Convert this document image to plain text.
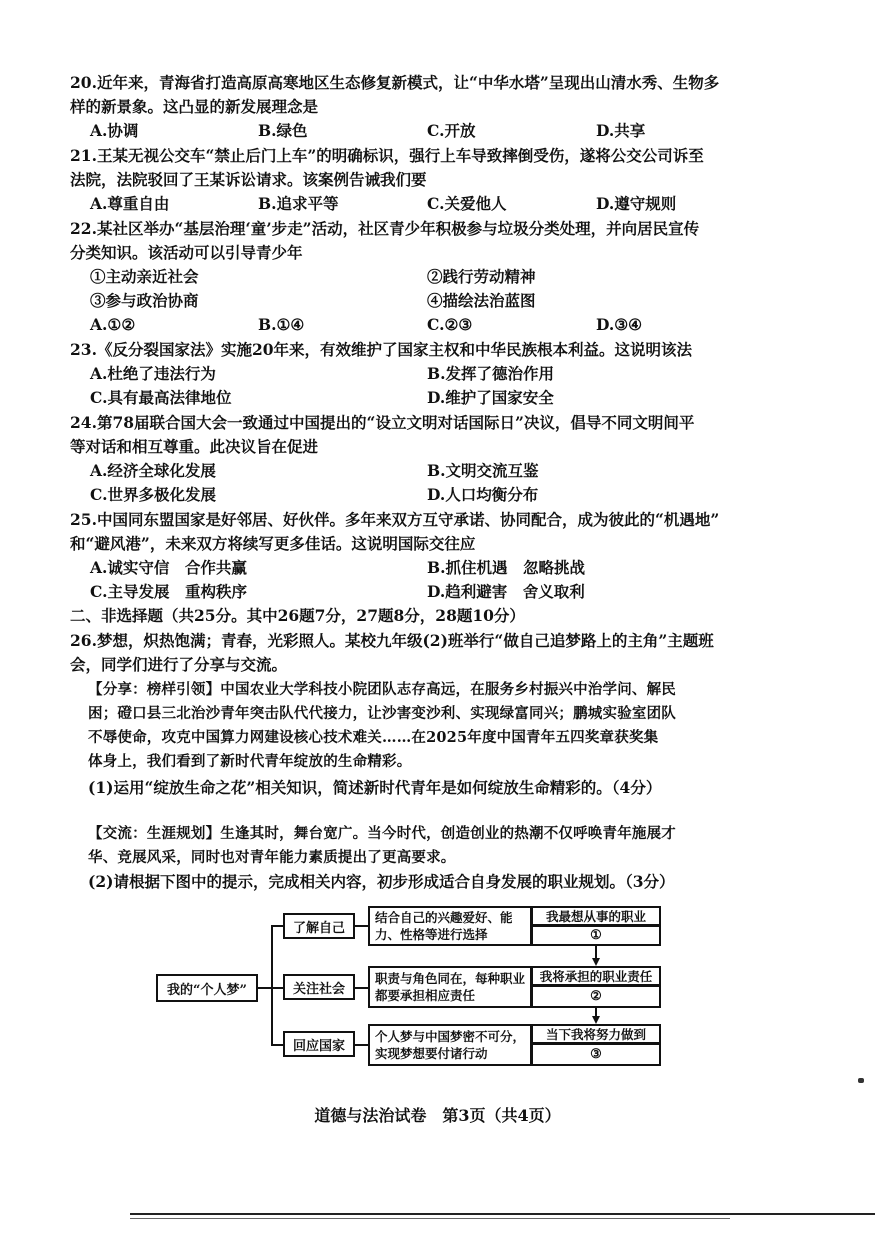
20.近年来，青海省打造高原高寒地区生态修复新模式，让“中华水塔”呈现出山清水秀、生物多
样的新景象。这凸显的新发展理念是
A.协调	B.绿色	C.开放	D.共享
21.王某无视公交车“禁止后门上车”的明确标识，强行上车导致摔倒受伤，遂将公交公司诉至
法院，法院驳回了王某诉讼请求。该案例告诫我们要
A.尊重自由	B.追求平等	C.关爱他人	D.遵守规则
22.某社区举办“基层治理‘童’步走”活动，社区青少年积极参与垃圾分类处理，并向居民宣传
分类知识。该活动可以引导青少年
①主动亲近社会	②践行劳动精神
③参与政治协商	④描绘法治蓝图
A.①②	B.①④	C.②③	D.③④
23.《反分裂国家法》实施20年来，有效维护了国家主权和中华民族根本利益。这说明该法
A.杜绝了违法行为	B.发挥了德治作用
C.具有最高法律地位	D.维护了国家安全
24.第78届联合国大会一致通过中国提出的“设立文明对话国际日”决议，倡导不同文明间平
等对话和相互尊重。此决议旨在促进
A.经济全球化发展	B.文明交流互鉴
C.世界多极化发展	D.人口均衡分布
25.中国同东盟国家是好邻居、好伙伴。多年来双方互守承诺、协同配合，成为彼此的“机遇地”
和“避风港”，未来双方将续写更多佳话。这说明国际交往应
A.诚实守信　合作共赢	B.抓住机遇　忽略挑战
C.主导发展　重构秩序	D.趋利避害　舍义取利
二、非选择题（共25分。其中26题7分，27题8分，28题10分）
26.梦想，炽热饱满；青春，光彩照人。某校九年级(2)班举行“做自己追梦路上的主角”主题班
会，同学们进行了分享与交流。
【分享：榜样引领】中国农业大学科技小院团队志存高远，在服务乡村振兴中治学问、解民
困；磴口县三北治沙青年突击队代代接力，让沙害变沙利、实现绿富同兴；鹏城实验室团队
不辱使命，攻克中国算力网建设核心技术难关……在2025年度中国青年五四奖章获奖集
体身上，我们看到了新时代青年绽放的生命精彩。
(1)运用“绽放生命之花”相关知识，简述新时代青年是如何绽放生命精彩的。（4分）
【交流：生涯规划】生逢其时，舞台宽广。当今时代，创造创业的热潮不仅呼唤青年施展才
华、竞展风采，同时也对青年能力素质提出了更高要求。
(2)请根据下图中的提示，完成相关内容，初步形成适合自身发展的职业规划。（3分）
我的“个人梦”
了解自己
关注社会
回应国家
结合自己的兴趣爱好、能力、性格等进行选择
职责与角色同在，每种职业都要承担相应责任
个人梦与中国梦密不可分，实现梦想要付诸行动
我最想从事的职业
①
我将承担的职业责任
②
当下我将努力做到
③
道德与法治试卷　第3页（共4页）
